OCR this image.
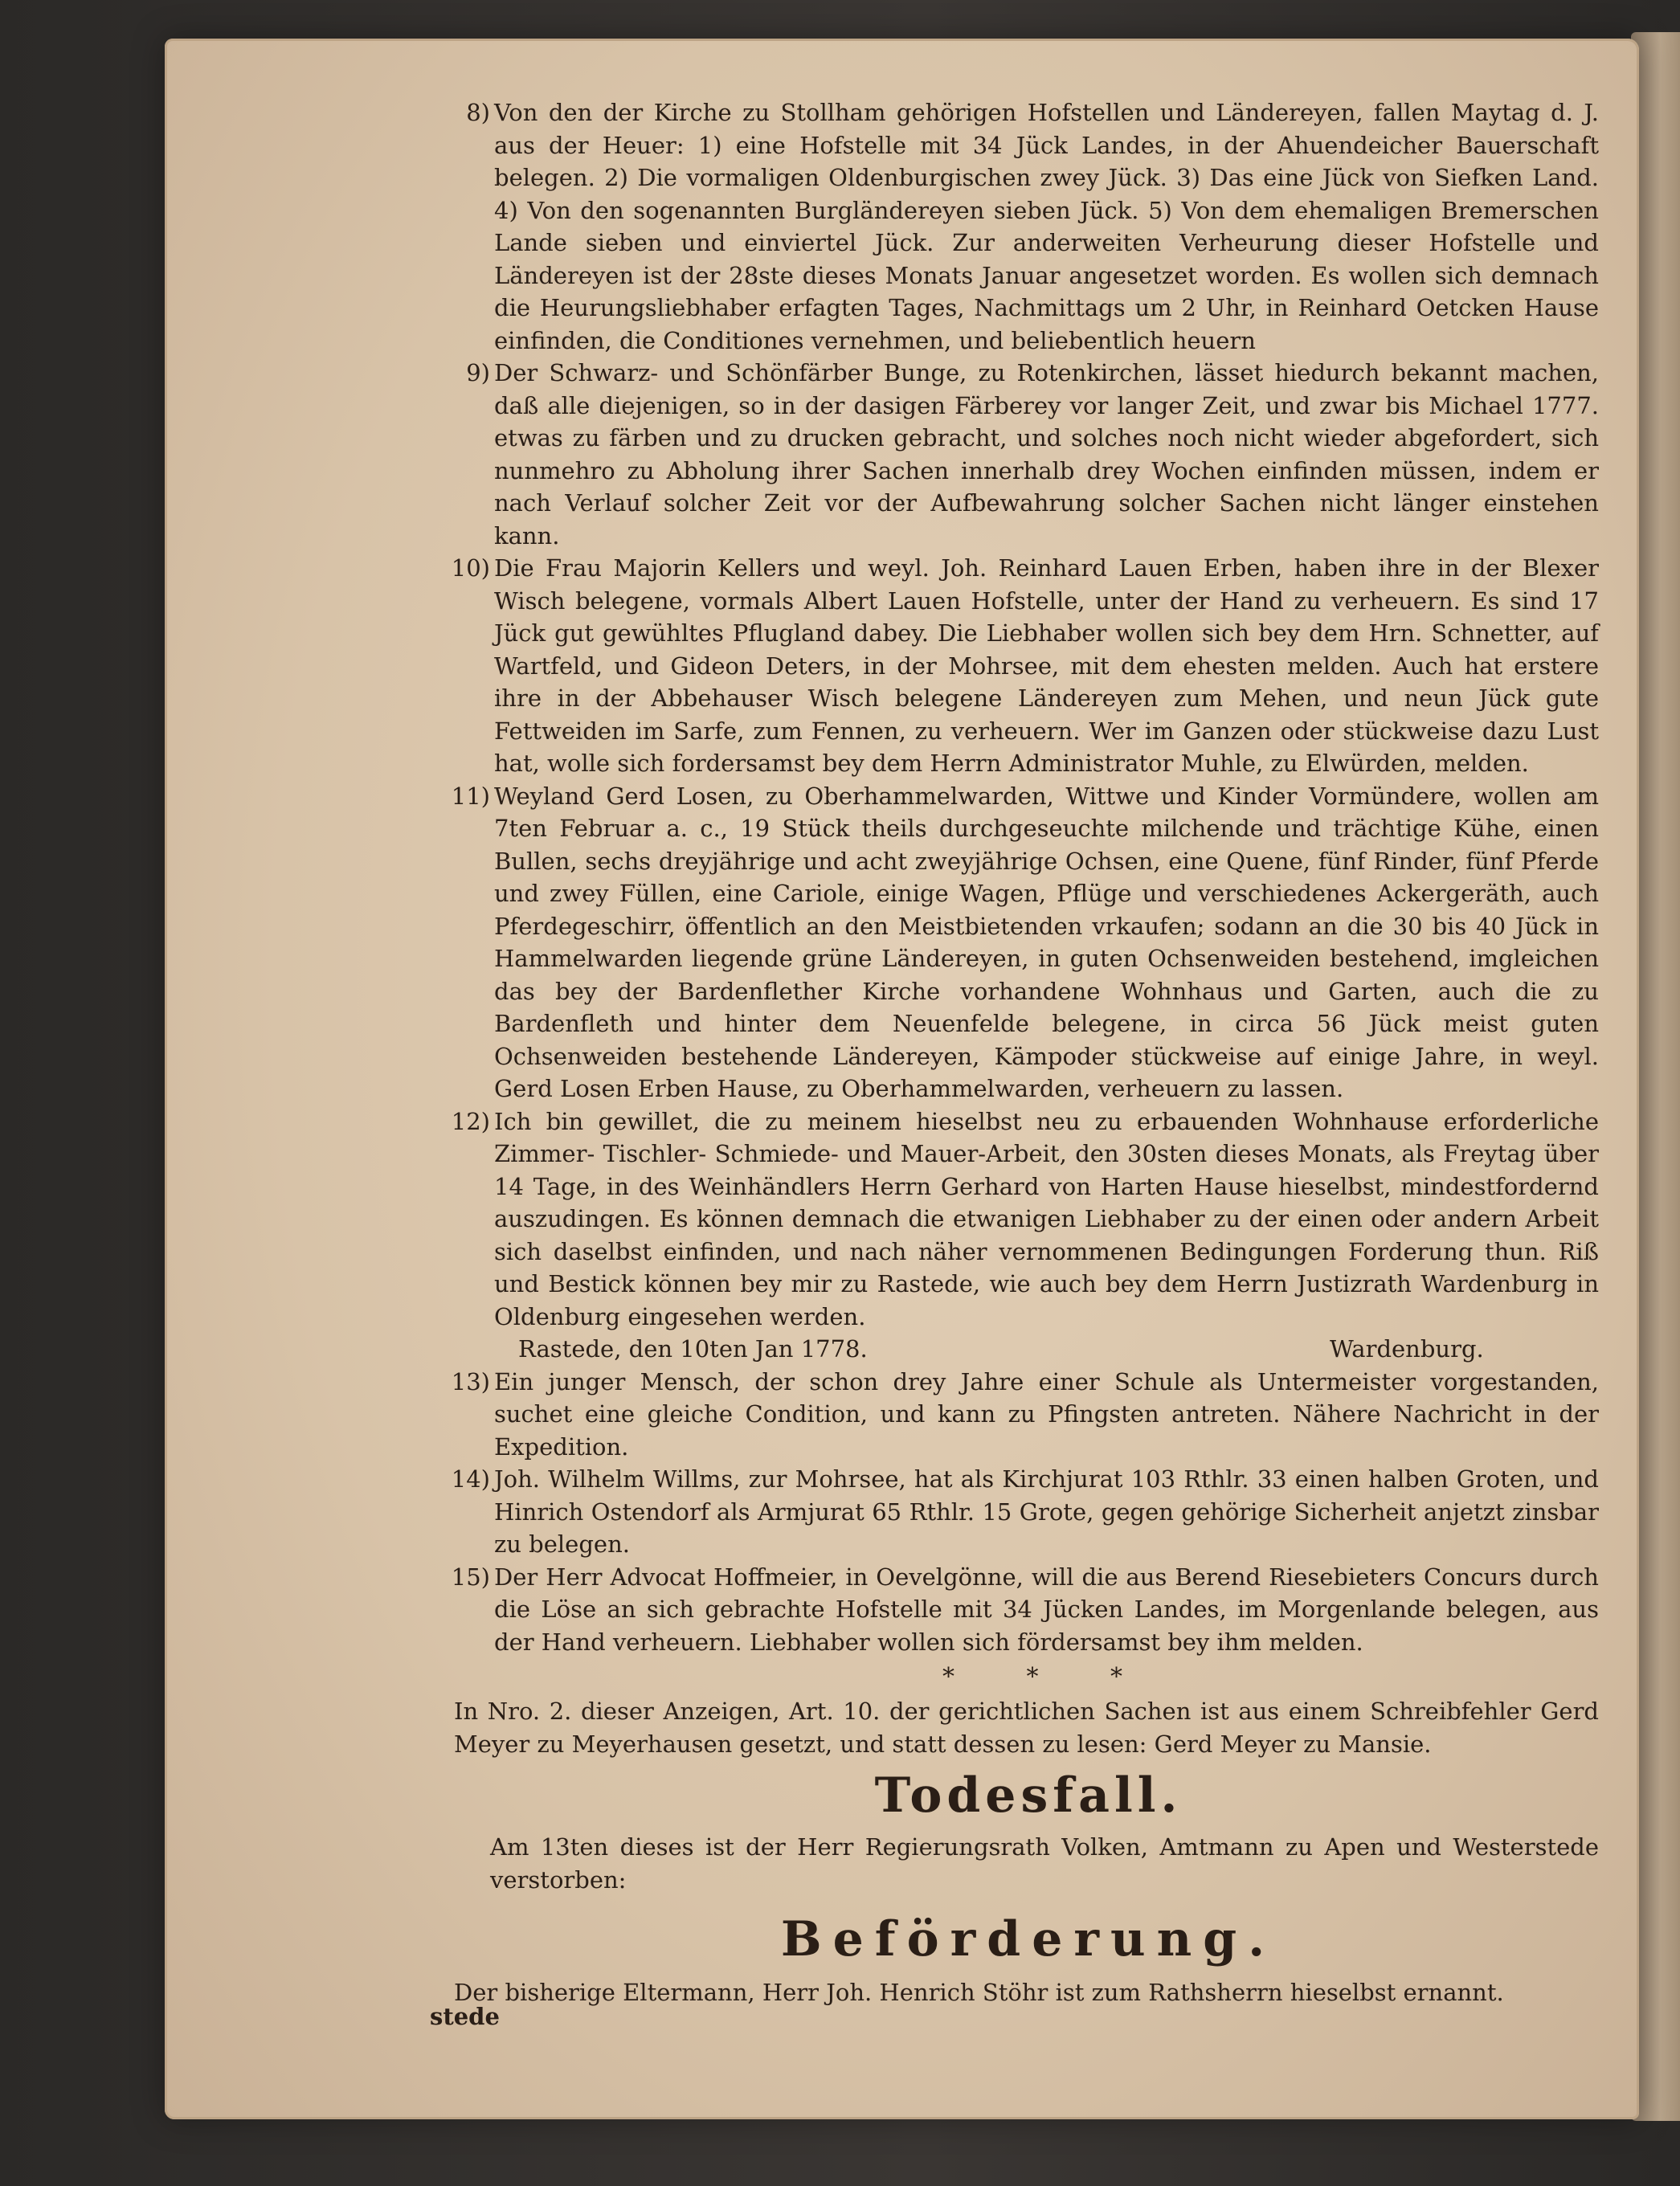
8) Von den der Kirche zu Stollham gehörigen Hofstellen und Ländereyen, fallen Maytag d. J. aus der Heuer: 1) eine Hofstelle mit 34 Jück Landes, in der Ahuendeicher Bauerschaft belegen. 2) Die vormaligen Oldenburgischen zwey Jück. 3) Das eine Jück von Siefken Land. 4) Von den sogenannten Burgländereyen sieben Jück. 5) Von dem ehemaligen Bremerschen Lande sieben und einviertel Jück. Zur anderweiten Verheurung dieser Hofstelle und Ländereyen ist der 28ste dieses Monats Januar angesetzet worden. Es wollen sich demnach die Heurungsliebhaber erfagten Tages, Nachmittags um 2 Uhr, in Reinhard Oetcken Hause einfinden, die Conditiones vernehmen, und beliebentlich heuern

9) Der Schwarz- und Schönfärber Bunge, zu Rotenkirchen, lässet hiedurch bekannt machen, daß alle diejenigen, so in der dasigen Färberey vor langer Zeit, und zwar bis Michael 1777. etwas zu färben und zu drucken gebracht, und solches noch nicht wieder abgefordert, sich nunmehro zu Abholung ihrer Sachen innerhalb drey Wochen einfinden müssen, indem er nach Verlauf solcher Zeit vor der Aufbewahrung solcher Sachen nicht länger einstehen kann.

10) Die Frau Majorin Kellers und weyl. Joh. Reinhard Lauen Erben, haben ihre in der Blexer Wisch belegene, vormals Albert Lauen Hofstelle, unter der Hand zu verheuern. Es sind 17 Jück gut gewühltes Pflugland dabey. Die Liebhaber wollen sich bey dem Hrn. Schnetter, auf Wartfeld, und Gideon Deters, in der Mohrsee, mit dem ehesten melden. Auch hat erstere ihre in der Abbehauser Wisch belegene Ländereyen zum Mehen, und neun Jück gute Fettweiden im Sarfe, zum Fennen, zu verheuern. Wer im Ganzen oder stückweise dazu Lust hat, wolle sich fordersamst bey dem Herrn Administrator Muhle, zu Elwürden, melden.

11) Weyland Gerd Losen, zu Oberhammelwarden, Wittwe und Kinder Vormündere, wollen am 7ten Februar a. c., 19 Stück theils durchgeseuchte milchende und trächtige Kühe, einen Bullen, sechs dreyjährige und acht zweyjährige Ochsen, eine Quene, fünf Rinder, fünf Pferde und zwey Füllen, eine Cariole, einige Wagen, Pflüge und verschiedenes Ackergeräth, auch Pferdegeschirr, öffentlich an den Meistbietenden vrkaufen; sodann an die 30 bis 40 Jück in Hammelwarden liegende grüne Ländereyen, in guten Ochsenweiden bestehend, imgleichen das bey der Bardenflether Kirche vorhandene Wohnhaus und Garten, auch die zu Bardenfleth und hinter dem Neuenfelde belegene, in circa 56 Jück meist guten Ochsenweiden bestehende Ländereyen, Kämpoder stückweise auf einige Jahre, in weyl. Gerd Losen Erben Hause, zu Oberhammelwarden, verheuern zu lassen.

12) Ich bin gewillet, die zu meinem hieselbst neu zu erbauenden Wohnhause erforderliche Zimmer- Tischler- Schmiede- und Mauer-Arbeit, den 30sten dieses Monats, als Freytag über 14 Tage, in des Weinhändlers Herrn Gerhard von Harten Hause hieselbst, mindestfordernd auszudingen. Es können demnach die etwanigen Liebhaber zu der einen oder andern Arbeit sich daselbst einfinden, und nach näher vernommenen Bedingungen Forderung thun. Riß und Bestick können bey mir zu Rastede, wie auch bey dem Herrn Justizrath Wardenburg in Oldenburg eingesehen werden.

Rastede, den 10ten Jan 1778.	Wardenburg.
13) Ein junger Mensch, der schon drey Jahre einer Schule als Untermeister vorgestanden, suchet eine gleiche Condition, und kann zu Pfingsten antreten. Nähere Nachricht in der Expedition.

14) Joh. Wilhelm Willms, zur Mohrsee, hat als Kirchjurat 103 Rthlr. 33 einen halben Groten, und Hinrich Ostendorf als Armjurat 65 Rthlr. 15 Grote, gegen gehörige Sicherheit anjetzt zinsbar zu belegen.

15) Der Herr Advocat Hoffmeier, in Oevelgönne, will die aus Berend Riesebieters Concurs durch die Löse an sich gebrachte Hofstelle mit 34 Jücken Landes, im Morgenlande belegen, aus der Hand verheuern. Liebhaber wollen sich fördersamst bey ihm melden.

* * *

In Nro. 2. dieser Anzeigen, Art. 10. der gerichtlichen Sachen ist aus einem Schreibfehler Gerd Meyer zu Meyerhausen gesetzt, und statt dessen zu lesen: Gerd Meyer zu Mansie.

Todesfall.

Am 13ten dieses ist der Herr Regierungsrath Volken, Amtmann zu Apen und Westerstede verstorben:

Beförderung.

Der bisherige Eltermann, Herr Joh. Henrich Stöhr ist zum Rathsherrn hieselbst ernannt.

stede
